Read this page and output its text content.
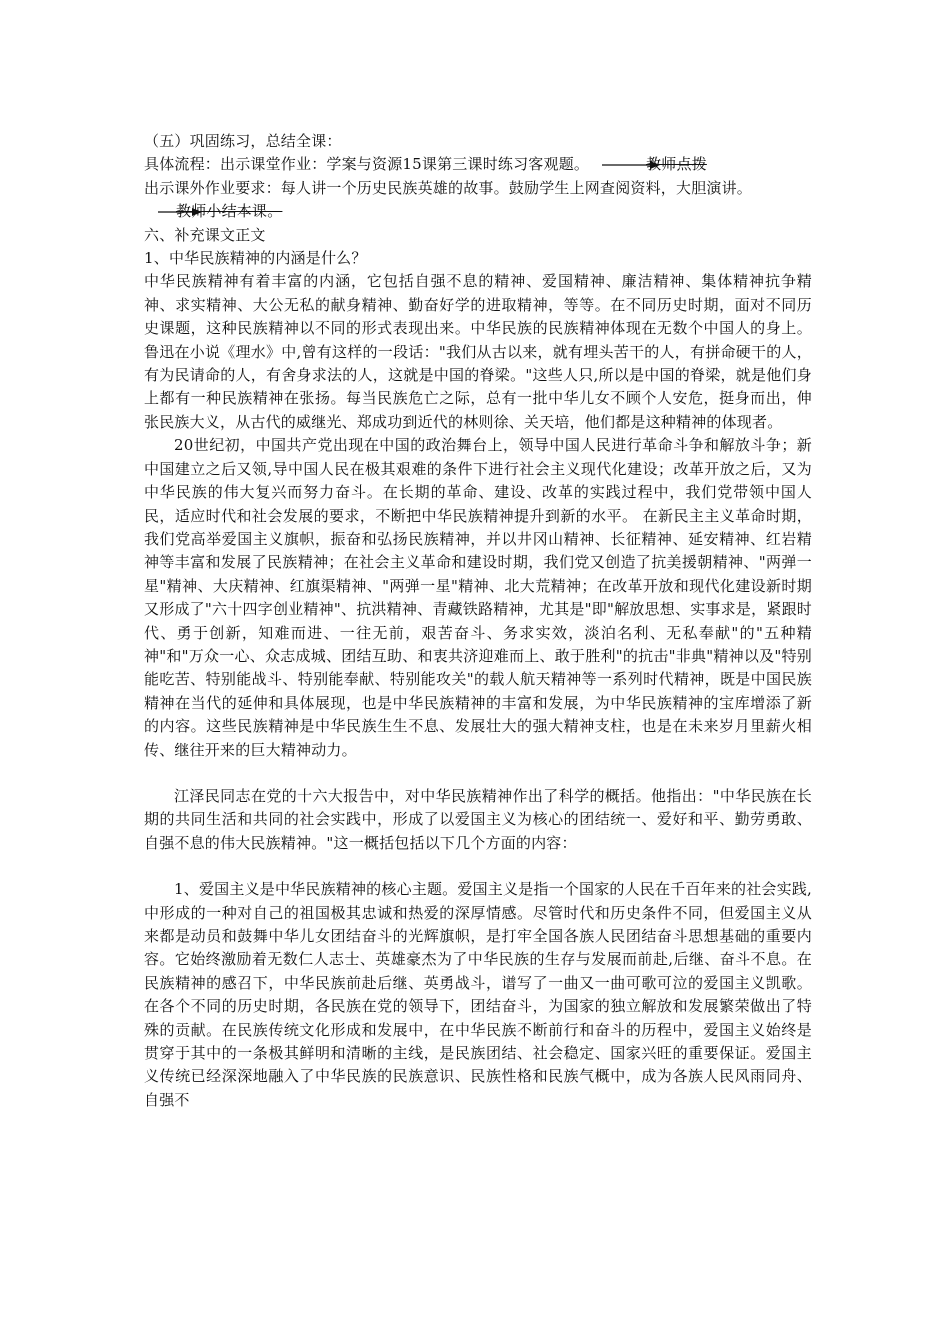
（五）巩固练习，总结全课：

具体流程：出示课堂作业：学案与资源15课第三课时练习客观题。	教师点拨

出示课外作业要求：每人讲一个历史民族英雄的故事。鼓励学生上网查阅资料，大胆演讲。

教师小结本课。

六、补充课文正文

1、中华民族精神的内涵是什么？

中华民族精神有着丰富的内涵，它包括自强不息的精神、爱国精神、廉洁精神、集体精神抗争精神、求实精神、大公无私的献身精神、勤奋好学的进取精神，等等。在不同历史时期，面对不同历史课题，这种民族精神以不同的形式表现出来。中华民族的民族精神体现在无数个中国人的身上。鲁迅在小说《理水》中,曾有这样的一段话："我们从古以来，就有埋头苦干的人，有拼命硬干的人，有为民请命的人，有舍身求法的人，这就是中国的脊梁。"这些人只,所以是中国的脊梁，就是他们身上都有一种民族精神在张扬。每当民族危亡之际，总有一批中华儿女不顾个人安危，挺身而出，伸张民族大义，从古代的威继光、郑成功到近代的林则徐、关天培，他们都是这种精神的体现者。

20世纪初，中国共产党出现在中国的政治舞台上，领导中国人民进行革命斗争和解放斗争；新中国建立之后又领,导中国人民在极其艰难的条件下进行社会主义现代化建设；改革开放之后，又为中华民族的伟大复兴而努力奋斗。在长期的革命、建设、改革的实践过程中，我们党带领中国人民，适应时代和社会发展的要求，不断把中华民族精神提升到新的水平。 在新民主主义革命时期，我们党高举爱国主义旗帜，振奋和弘扬民族精神，并以井冈山精神、长征精神、延安精神、红岩精神等丰富和发展了民族精神；在社会主义革命和建设时期，我们党又创造了抗美援朝精神、"两弹一星"精神、大庆精神、红旗渠精神、"两弹一星"精神、北大荒精神；在改革开放和现代化建设新时期又形成了"六十四字创业精神"、抗洪精神、青藏铁路精神，尤其是"即"解放思想、实事求是，紧跟时代、勇于创新，知难而进、一往无前，艰苦奋斗、务求实效，淡泊名利、无私奉献"的"五种精神"和"万众一心、众志成城、团结互助、和衷共济迎难而上、敢于胜利"的抗击"非典"精神以及"特别能吃苦、特别能战斗、特别能奉献、特别能攻关"的载人航天精神等一系列时代精神，既是中国民族精神在当代的延伸和具体展现，也是中华民族精神的丰富和发展，为中华民族精神的宝库增添了新的内容。这些民族精神是中华民族生生不息、发展壮大的强大精神支柱，也是在未来岁月里薪火相传、继往开来的巨大精神动力。

江泽民同志在党的十六大报告中，对中华民族精神作出了科学的概括。他指出："中华民族在长期的共同生活和共同的社会实践中，形成了以爱国主义为核心的团结统一、爱好和平、勤劳勇敢、自强不息的伟大民族精神。"这一概括包括以下几个方面的内容：

1、爱国主义是中华民族精神的核心主题。爱国主义是指一个国家的人民在千百年来的社会实践,中形成的一种对自己的祖国极其忠诚和热爱的深厚情感。尽管时代和历史条件不同，但爱国主义从来都是动员和鼓舞中华儿女团结奋斗的光辉旗帜，是打牢全国各族人民团结奋斗思想基础的重要内容。它始终激励着无数仁人志士、英雄豪杰为了中华民族的生存与发展而前赴,后继、奋斗不息。在民族精神的感召下，中华民族前赴后继、英勇战斗，谱写了一曲又一曲可歌可泣的爱国主义凯歌。在各个不同的历史时期，各民族在党的领导下，团结奋斗，为国家的独立解放和发展繁荣做出了特殊的贡献。在民族传统文化形成和发展中，在中华民族不断前行和奋斗的历程中，爱国主义始终是贯穿于其中的一条极其鲜明和清晰的主线，是民族团结、社会稳定、国家兴旺的重要保证。爱国主义传统已经深深地融入了中华民族的民族意识、民族性格和民族气概中，成为各族人民风雨同舟、自强不
